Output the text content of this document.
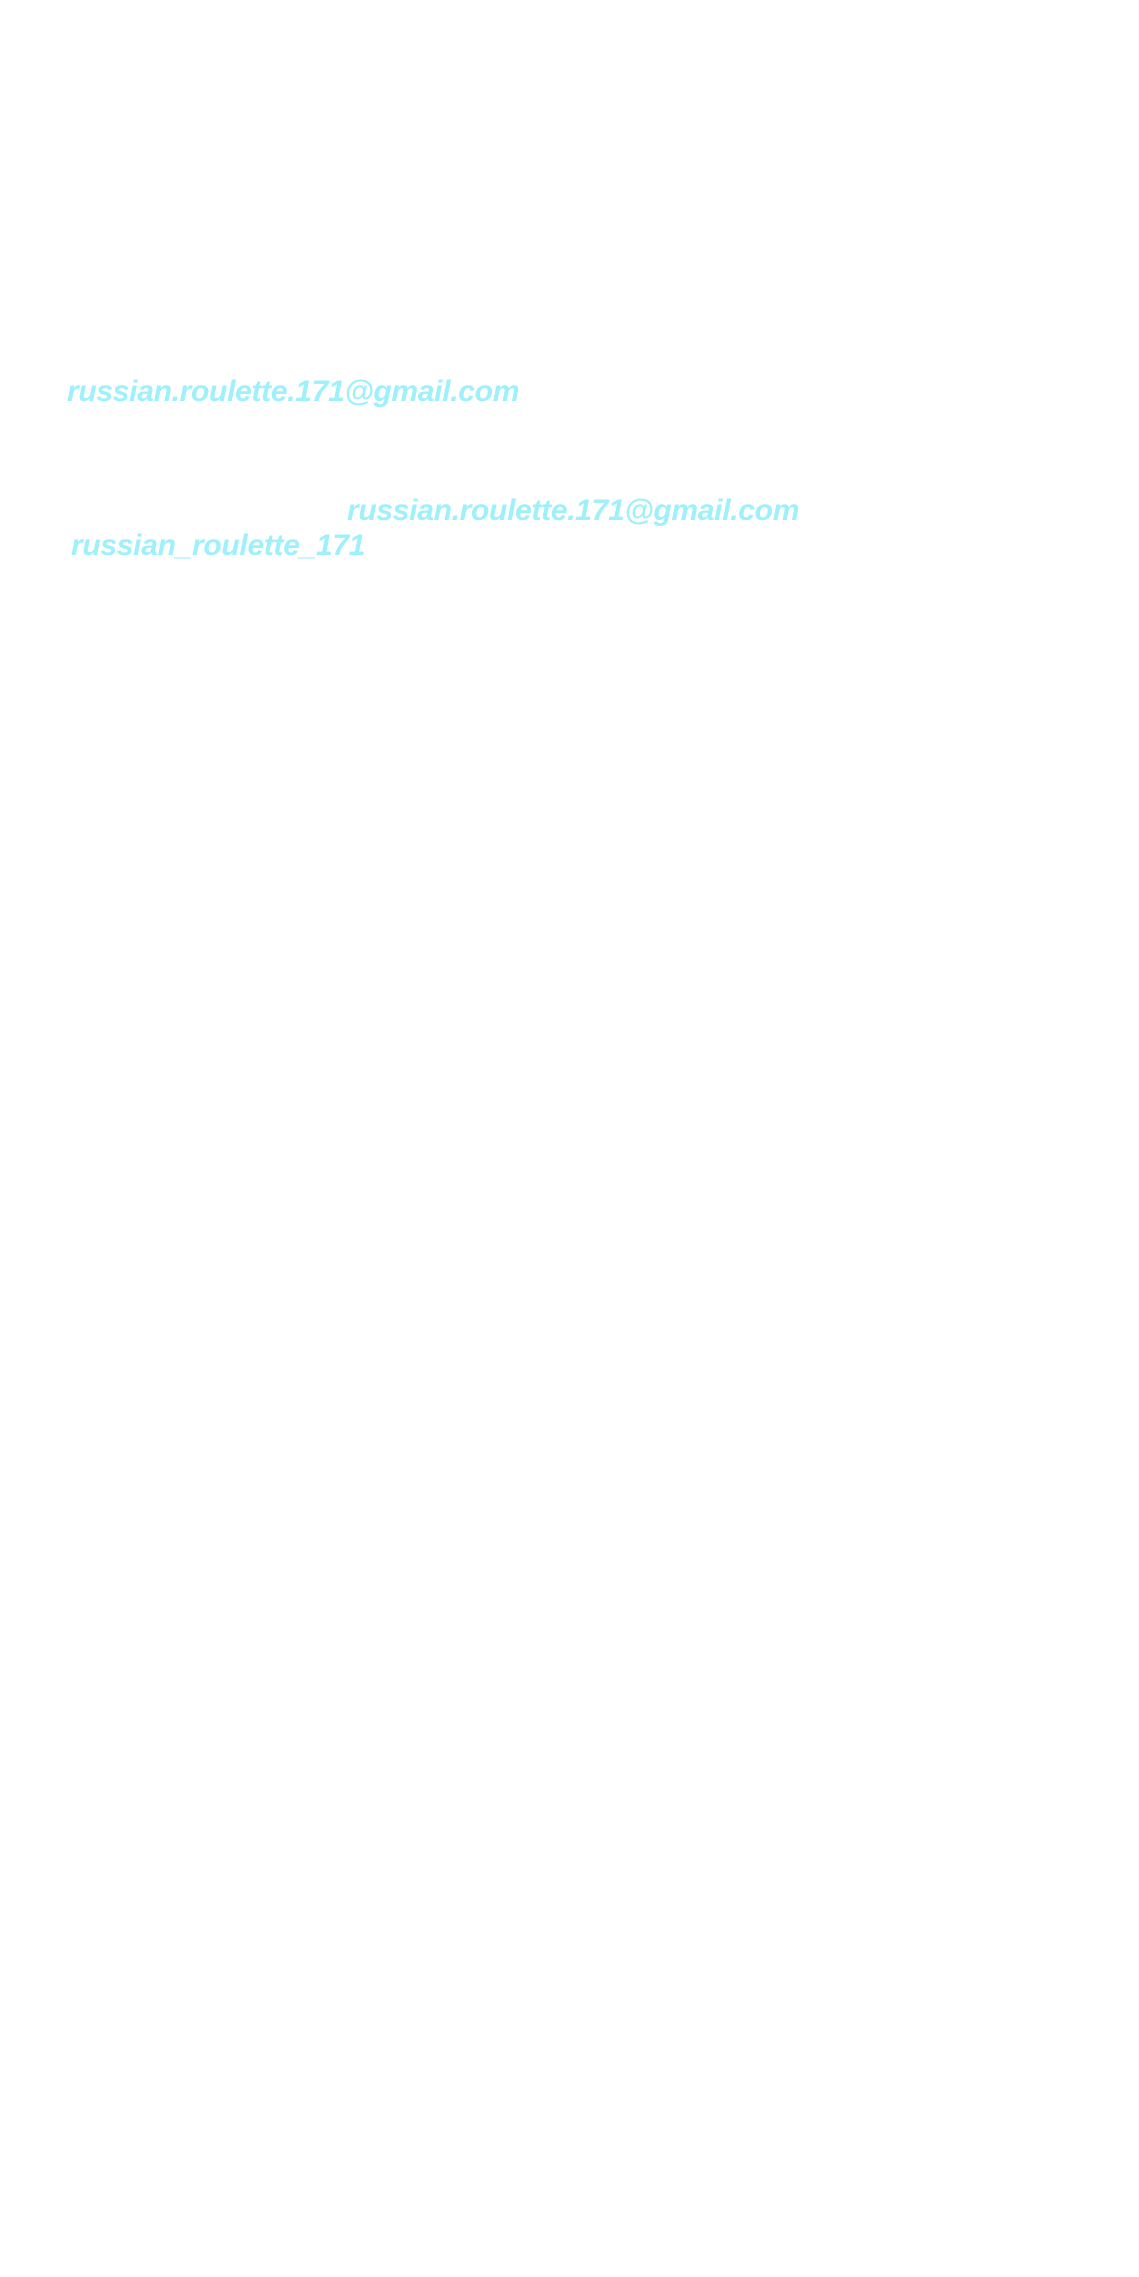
russian.roulette.171@gmail.com
russian.roulette.171@gmail.com
russian_roulette_171
